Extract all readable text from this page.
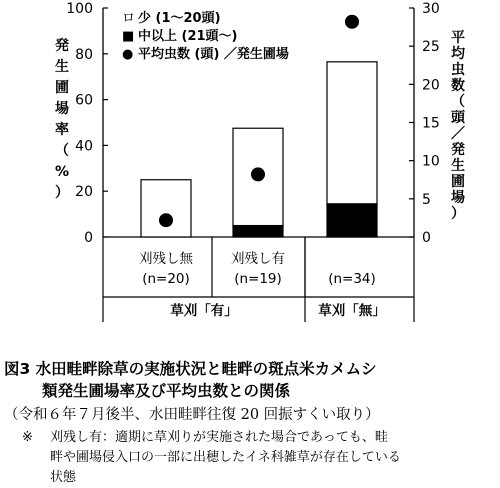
0
20
40
60
80
100
0
5
10
15
20
25
30
発生圃場率（%）
平均虫数（頭／発生圃場）
刈残し無
(n=20)
刈残し有
(n=19)	(n=34)
草刈「有」	草刈「無」
ロ 少 (1〜20頭)
■ 中以上 (21頭〜)
● 平均虫数 (頭) ／発生圃場
図3 水田畦畔除草の実施状況と畦畔の斑点米カメムシ
類発生圃場率及び平均虫数との関係
（令和６年７月後半、水田畦畔往復 20 回振すくい取り）
※ 刈残し有：適期に草刈りが実施された場合であっても、畦
畔や圃場侵入口の一部に出穂したイネ科雑草が存在している
状態
